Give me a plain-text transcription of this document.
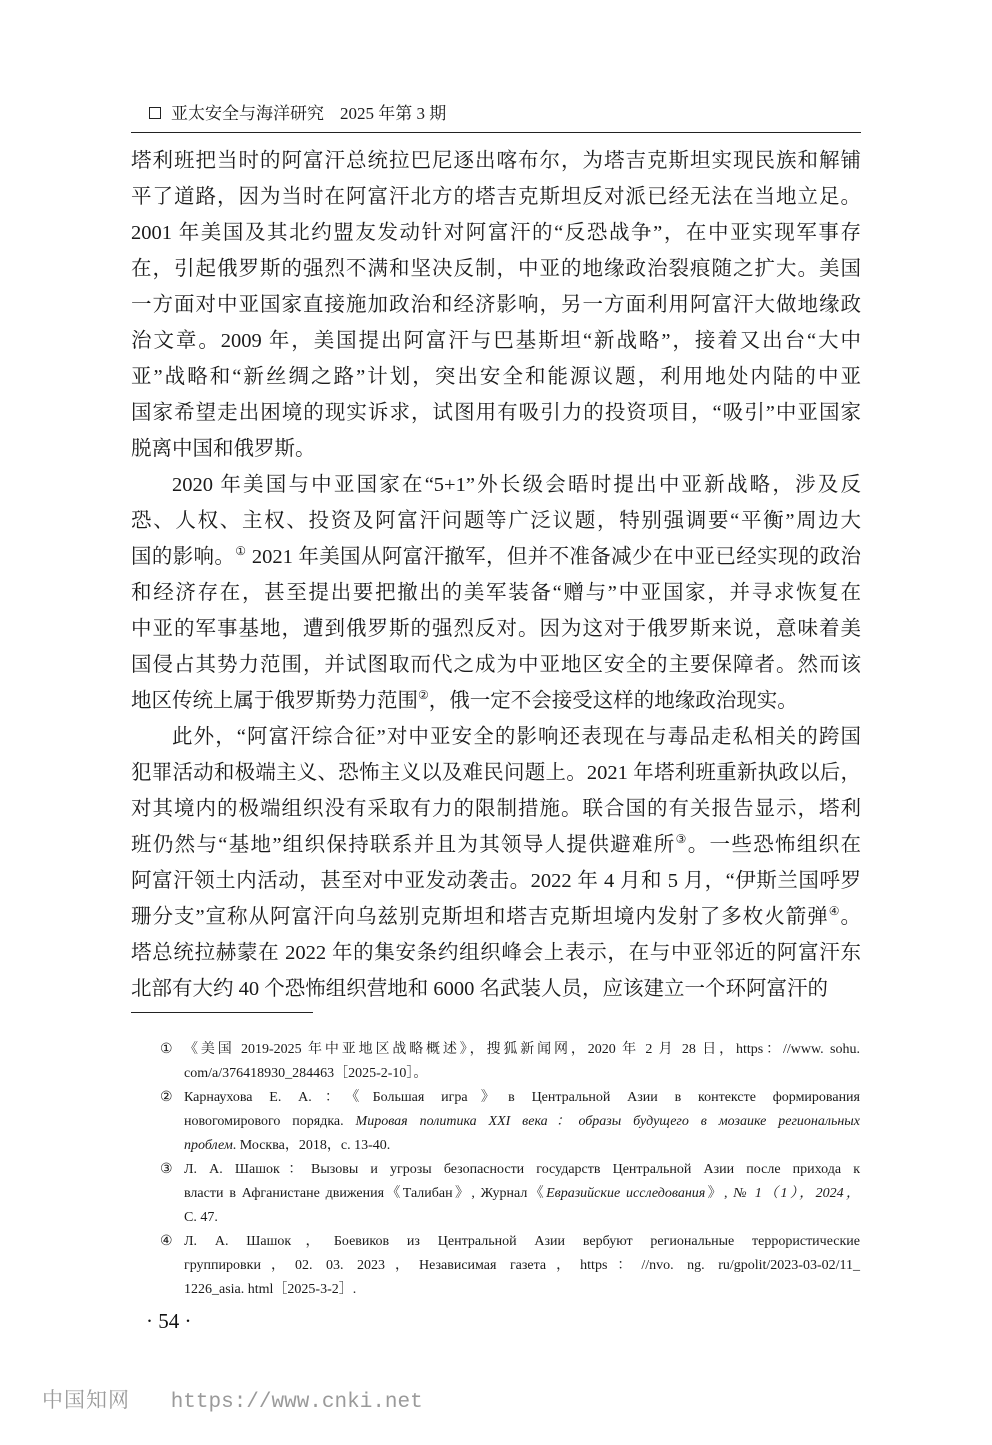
亚太安全与海洋研究 2025 年第 3 期
塔利班把当时的阿富汗总统拉巴尼逐出喀布尔，为塔吉克斯坦实现民族和解铺
平了道路，因为当时在阿富汗北方的塔吉克斯坦反对派已经无法在当地立足。
2001 年美国及其北约盟友发动针对阿富汗的“反恐战争”，在中亚实现军事存
在，引起俄罗斯的强烈不满和坚决反制，中亚的地缘政治裂痕随之扩大。美国
一方面对中亚国家直接施加政治和经济影响，另一方面利用阿富汗大做地缘政
治文章。2009 年，美国提出阿富汗与巴基斯坦“新战略”，接着又出台“大中
亚”战略和“新丝绸之路”计划，突出安全和能源议题，利用地处内陆的中亚
国家希望走出困境的现实诉求，试图用有吸引力的投资项目，“吸引”中亚国家
脱离中国和俄罗斯。
2020 年美国与中亚国家在“5+1”外长级会晤时提出中亚新战略，涉及反
恐、人权、主权、投资及阿富汗问题等广泛议题，特别强调要“平衡”周边大
国的影响。① 2021 年美国从阿富汗撤军，但并不准备减少在中亚已经实现的政治
和经济存在，甚至提出要把撤出的美军装备“赠与”中亚国家，并寻求恢复在
中亚的军事基地，遭到俄罗斯的强烈反对。因为这对于俄罗斯来说，意味着美
国侵占其势力范围，并试图取而代之成为中亚地区安全的主要保障者。然而该
地区传统上属于俄罗斯势力范围②，俄一定不会接受这样的地缘政治现实。
此外，“阿富汗综合征”对中亚安全的影响还表现在与毒品走私相关的跨国
犯罪活动和极端主义、恐怖主义以及难民问题上。2021 年塔利班重新执政以后，
对其境内的极端组织没有采取有力的限制措施。联合国的有关报告显示，塔利
班仍然与“基地”组织保持联系并且为其领导人提供避难所③。一些恐怖组织在
阿富汗领土内活动，甚至对中亚发动袭击。2022 年 4 月和 5 月，“伊斯兰国呼罗
珊分支”宣称从阿富汗向乌兹别克斯坦和塔吉克斯坦境内发射了多枚火箭弹④。
塔总统拉赫蒙在 2022 年的集安条约组织峰会上表示，在与中亚邻近的阿富汗东
北部有大约 40 个恐怖组织营地和 6000 名武装人员，应该建立一个环阿富汗的
① 《美国 2019-2025 年中亚地区战略概述》，搜狐新闻网，2020 年 2 月 28 日，https：//www. sohu.
com/a/376418930_284463［2025-2-10］。
② Карнаухова Е. А.：《Большая игра》в Центральной Азии в контексте формирования
новогомирового порядка. Мировая политика XXI века：образы будущего в мозаике региональных
проблем. Москва，2018，с. 13-40.
③ Л. А. Шашок：Вызовы и угрозы безопасности государств Центральной Азии после прихода к
власти в Афганистане движения《Талибан》, Журнал《Евразийские исследования》, № 1（1），2024，
С. 47.
④ Л. А. Шашок，Боевиков из Центральной Азии вербуют региональные террористические
группировки，02. 03. 2023，Независимая газета，https：//nvo. ng. ru/gpolit/2023-03-02/11_
1226_asia. html［2025-3-2］.
· 54 ·
中国知网 https://www.cnki.net
